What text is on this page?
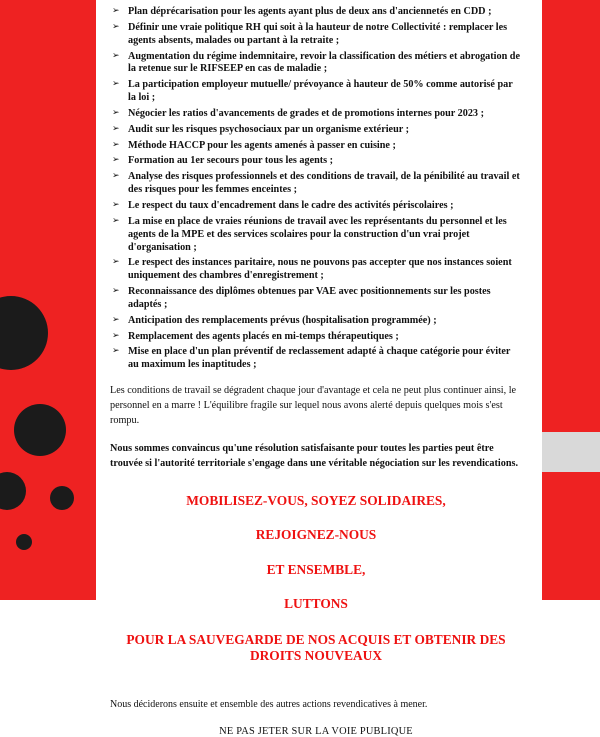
➢ Plan déprécarisation pour les agents ayant plus de deux ans d'anciennetés en CDD ;
➢ Définir une vraie politique RH qui soit à la hauteur de notre Collectivité : remplacer les agents absents, malades ou partant à la retraite ;
➢ Augmentation du régime indemnitaire, revoir la classification des métiers et abrogation de la retenue sur le RIFSEEP en cas de maladie ;
➢ La participation employeur mutuelle/ prévoyance à hauteur de 50% comme autorisé par la loi ;
➢ Négocier les ratios d'avancements de grades et de promotions internes pour 2023 ;
➢ Audit sur les risques psychosociaux par un organisme extérieur ;
➢ Méthode HACCP pour les agents amenés à passer en cuisine ;
➢ Formation au 1er secours pour tous les agents ;
➢ Analyse des risques professionnels et des conditions de travail, de la pénibilité au travail et des risques pour les femmes enceintes ;
➢ Le respect du taux d'encadrement dans le cadre des activités périscolaires ;
➢ La mise en place de vraies réunions de travail avec les représentants du personnel et les agents de la MPE et des services scolaires pour la construction d'un vrai projet d'organisation ;
➢ Le respect des instances paritaire, nous ne pouvons pas accepter que nos instances soient uniquement des chambres d'enregistrement ;
➢ Reconnaissance des diplômes obtenues par VAE avec positionnements sur les postes adaptés ;
➢ Anticipation des remplacements prévus (hospitalisation programmée) ;
➢ Remplacement des agents placés en mi-temps thérapeutiques ;
➢ Mise en place d'un plan préventif de reclassement adapté à chaque catégorie pour éviter au maximum les inaptitudes ;

Les conditions de travail se dégradent chaque jour d'avantage et cela ne peut plus continuer ainsi, le personnel en a marre ! L'équilibre fragile sur lequel nous avons alerté depuis quelques mois s'est rompu.

Nous sommes convaincus qu'une résolution satisfaisante pour toutes les parties peut être trouvée si l'autorité territoriale s'engage dans une véritable négociation sur les revendications.

MOBILISEZ-VOUS, SOYEZ SOLIDAIRES,
REJOIGNEZ-NOUS
ET ENSEMBLE,
LUTTONS
POUR LA SAUVEGARDE DE NOS ACQUIS ET OBTENIR DES DROITS NOUVEAUX

Nous déciderons ensuite et ensemble des autres actions revendicatives à mener.

NE PAS JETER SUR LA VOIE PUBLIQUE
